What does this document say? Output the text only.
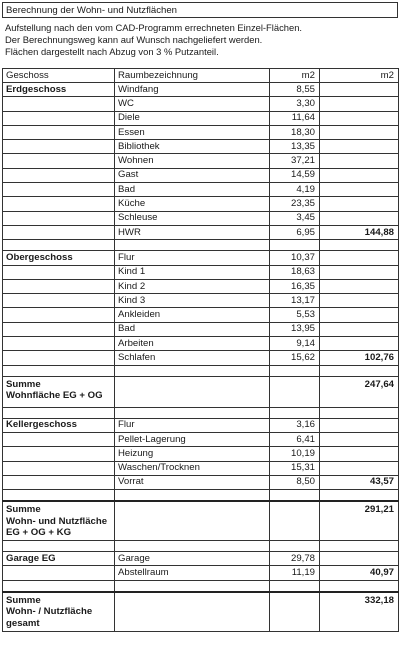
Berechnung der Wohn- und Nutzflächen
Aufstellung nach den vom CAD-Programm errechneten Einzel-Flächen.
Der Berechnungsweg kann auf Wunsch nachgeliefert werden.
Flächen dargestellt nach Abzug von 3 % Putzanteil.
Geschoss	Raumbezeichnung	m2	m2
Erdgeschoss	Windfang	8,55	
	WC	3,30	
	Diele	11,64	
	Essen	18,30	
	Bibliothek	13,35	
	Wohnen	37,21	
	Gast	14,59	
	Bad	4,19	
	Küche	23,35	
	Schleuse	3,45	
	HWR	6,95	144,88

Obergeschoss	Flur	10,37	
	Kind 1	18,63	
	Kind 2	16,35	
	Kind 3	13,17	
	Ankleiden	5,53	
	Bad	13,95	
	Arbeiten	9,14	
	Schlafen	15,62	102,76

Summe
Wohnfläche EG + OG			247,64

Kellergeschoss	Flur	3,16	
	Pellet-Lagerung	6,41	
	Heizung	10,19	
	Waschen/Trocknen	15,31	
	Vorrat	8,50	43,57

Summe
Wohn- und Nutzfläche
EG + OG + KG			291,21

Garage EG	Garage	29,78	
	Abstellraum	11,19	40,97

Summe
Wohn- / Nutzfläche
gesamt			332,18
